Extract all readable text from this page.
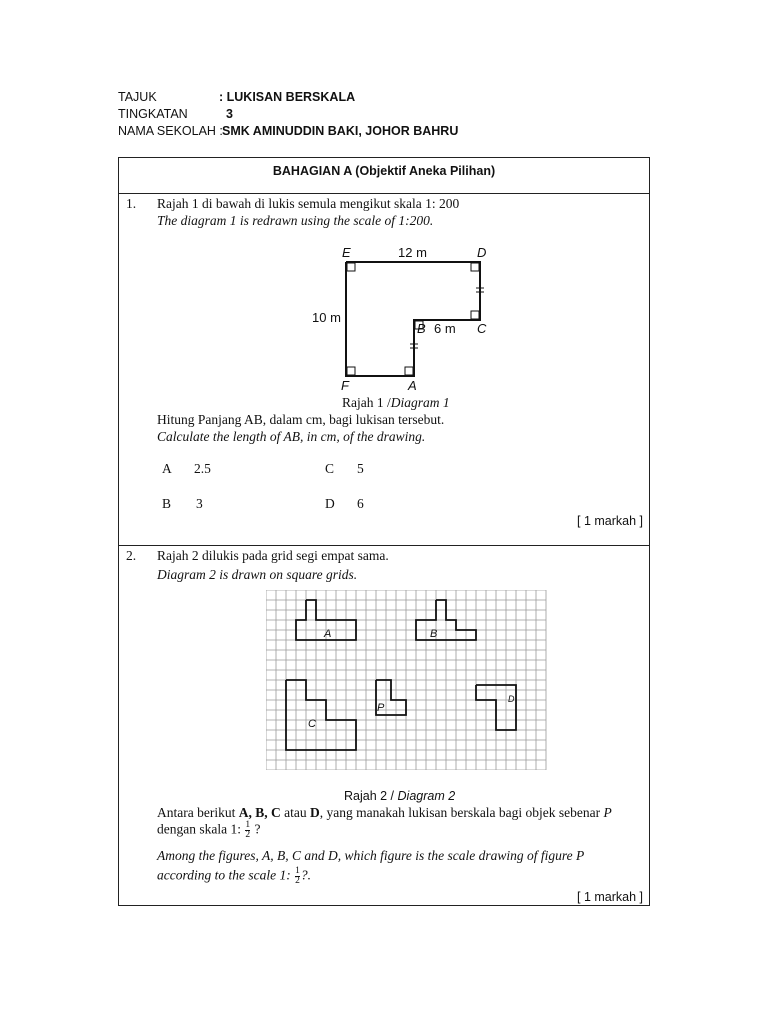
TAJUK	: LUKISAN BERSKALA
TINGKATAN	3
NAMA SEKOLAH : SMK AMINUDDIN BAKI, JOHOR BAHRU
BAHAGIAN A (Objektif Aneka Pilihan)
1. Rajah 1 di bawah di lukis semula mengikut skala 1: 200
The diagram 1 is redrawn using the scale of 1:200.
E	D
12 m
10 m
B 6 m C
F	A
Rajah 1 /Diagram 1
Hitung Panjang AB, dalam cm, bagi lukisan tersebut.
Calculate the length of AB, in cm, of the drawing.
A 2.5
B 3
C 5
D 6
[ 1 markah ]
2. Rajah 2 dilukis pada grid segi empat sama.
Diagram 2 is drawn on square grids.
A	B
C
P
D
Rajah 2 / Diagram 2
Antara berikut A, B, C atau D, yang manakah lukisan berskala bagi objek sebenar P
dengan skala 1: $\frac{1}{2}$ ?
Among the figures, A, B, C and D, which figure is the scale drawing of figure P
according to the scale 1: $\frac{1}{2}$ ?.
[ 1 markah ]
